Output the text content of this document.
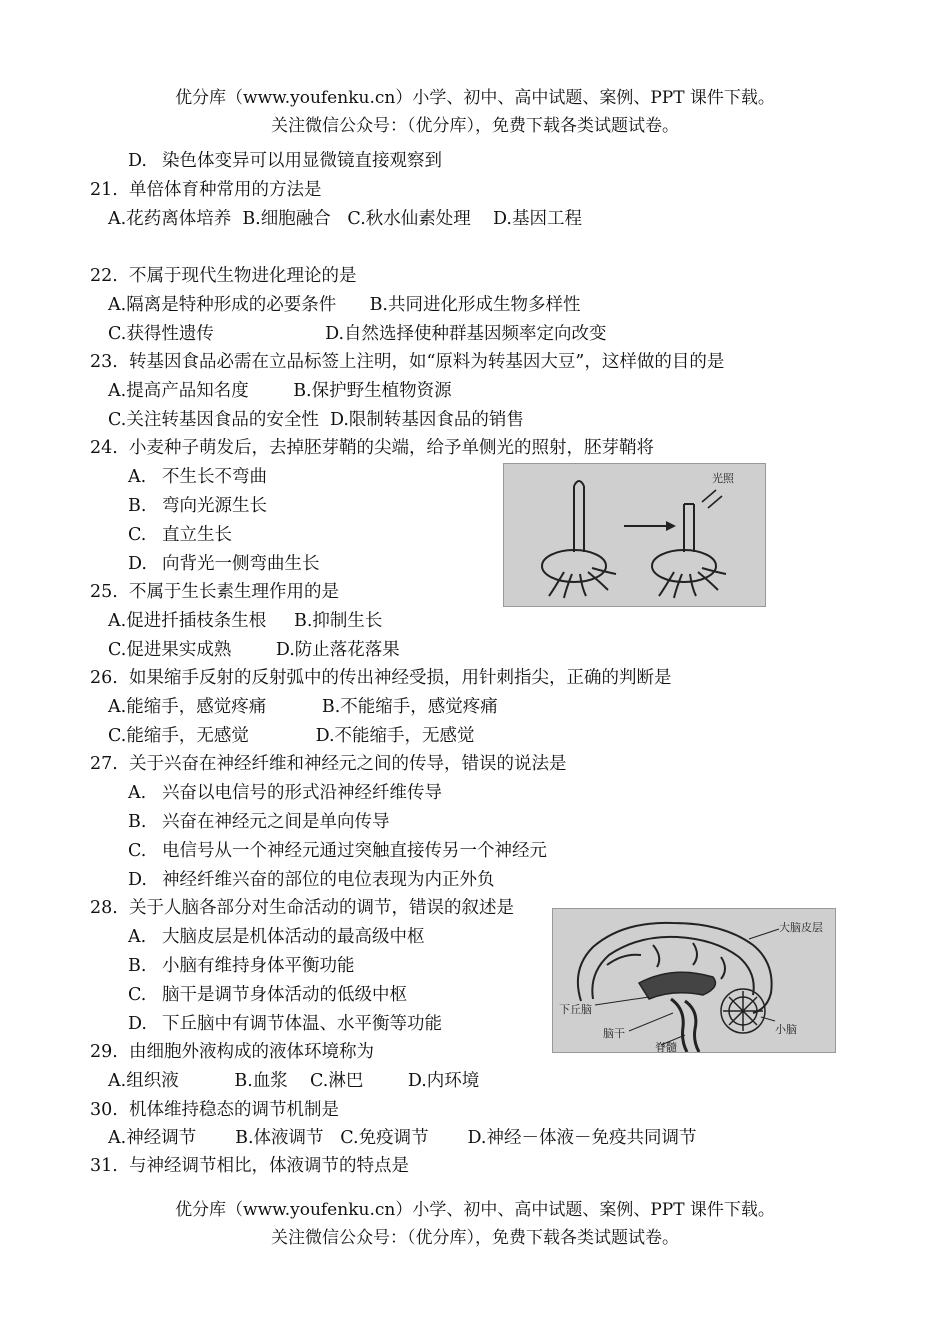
优分库（www.youfenku.cn）小学、初中、高中试题、案例、PPT 课件下载。
关注微信公众号：（优分库），免费下载各类试题试卷。
D. 染色体变异可以用显微镜直接观察到
21.  单倍体育种常用的方法是
A.花药离体培养  B.细胞融合   C.秋水仙素处理    D.基因工程
22.  不属于现代生物进化理论的是
A.隔离是特种形成的必要条件      B.共同进化形成生物多样性
C.获得性遗传                    D.自然选择使种群基因频率定向改变
23.  转基因食品必需在立品标签上注明，如“原料为转基因大豆”，这样做的目的是
A.提高产品知名度        B.保护野生植物资源
C.关注转基因食品的安全性  D.限制转基因食品的销售
24.  小麦种子萌发后，去掉胚芽鞘的尖端，给予单侧光的照射，胚芽鞘将
A. 不生长不弯曲
B. 弯向光源生长
C. 直立生长
D. 向背光一侧弯曲生长
光照
25.  不属于生长素生理作用的是
A.促进扦插枝条生根     B.抑制生长
C.促进果实成熟        D.防止落花落果
26.  如果缩手反射的反射弧中的传出神经受损，用针刺指尖，正确的判断是
A.能缩手，感觉疼痛          B.不能缩手，感觉疼痛
C.能缩手，无感觉            D.不能缩手，无感觉
27.  关于兴奋在神经纤维和神经元之间的传导，错误的说法是
A. 兴奋以电信号的形式沿神经纤维传导
B. 兴奋在神经元之间是单向传导
C. 电信号从一个神经元通过突触直接传另一个神经元
D. 神经纤维兴奋的部位的电位表现为内正外负
28.  关于人脑各部分对生命活动的调节，错误的叙述是
A. 大脑皮层是机体活动的最高级中枢
B. 小脑有维持身体平衡功能
C. 脑干是调节身体活动的低级中枢
D. 下丘脑中有调节体温、水平衡等功能
大脑皮层
下丘脑
小脑
脑干
脊髓
29.  由细胞外液构成的液体环境称为
A.组织液          B.血浆    C.淋巴        D.内环境
30.  机体维持稳态的调节机制是
A.神经调节       B.体液调节   C.免疫调节       D.神经－体液－免疫共同调节
31.  与神经调节相比，体液调节的特点是
优分库（www.youfenku.cn）小学、初中、高中试题、案例、PPT 课件下载。
关注微信公众号：（优分库），免费下载各类试题试卷。
